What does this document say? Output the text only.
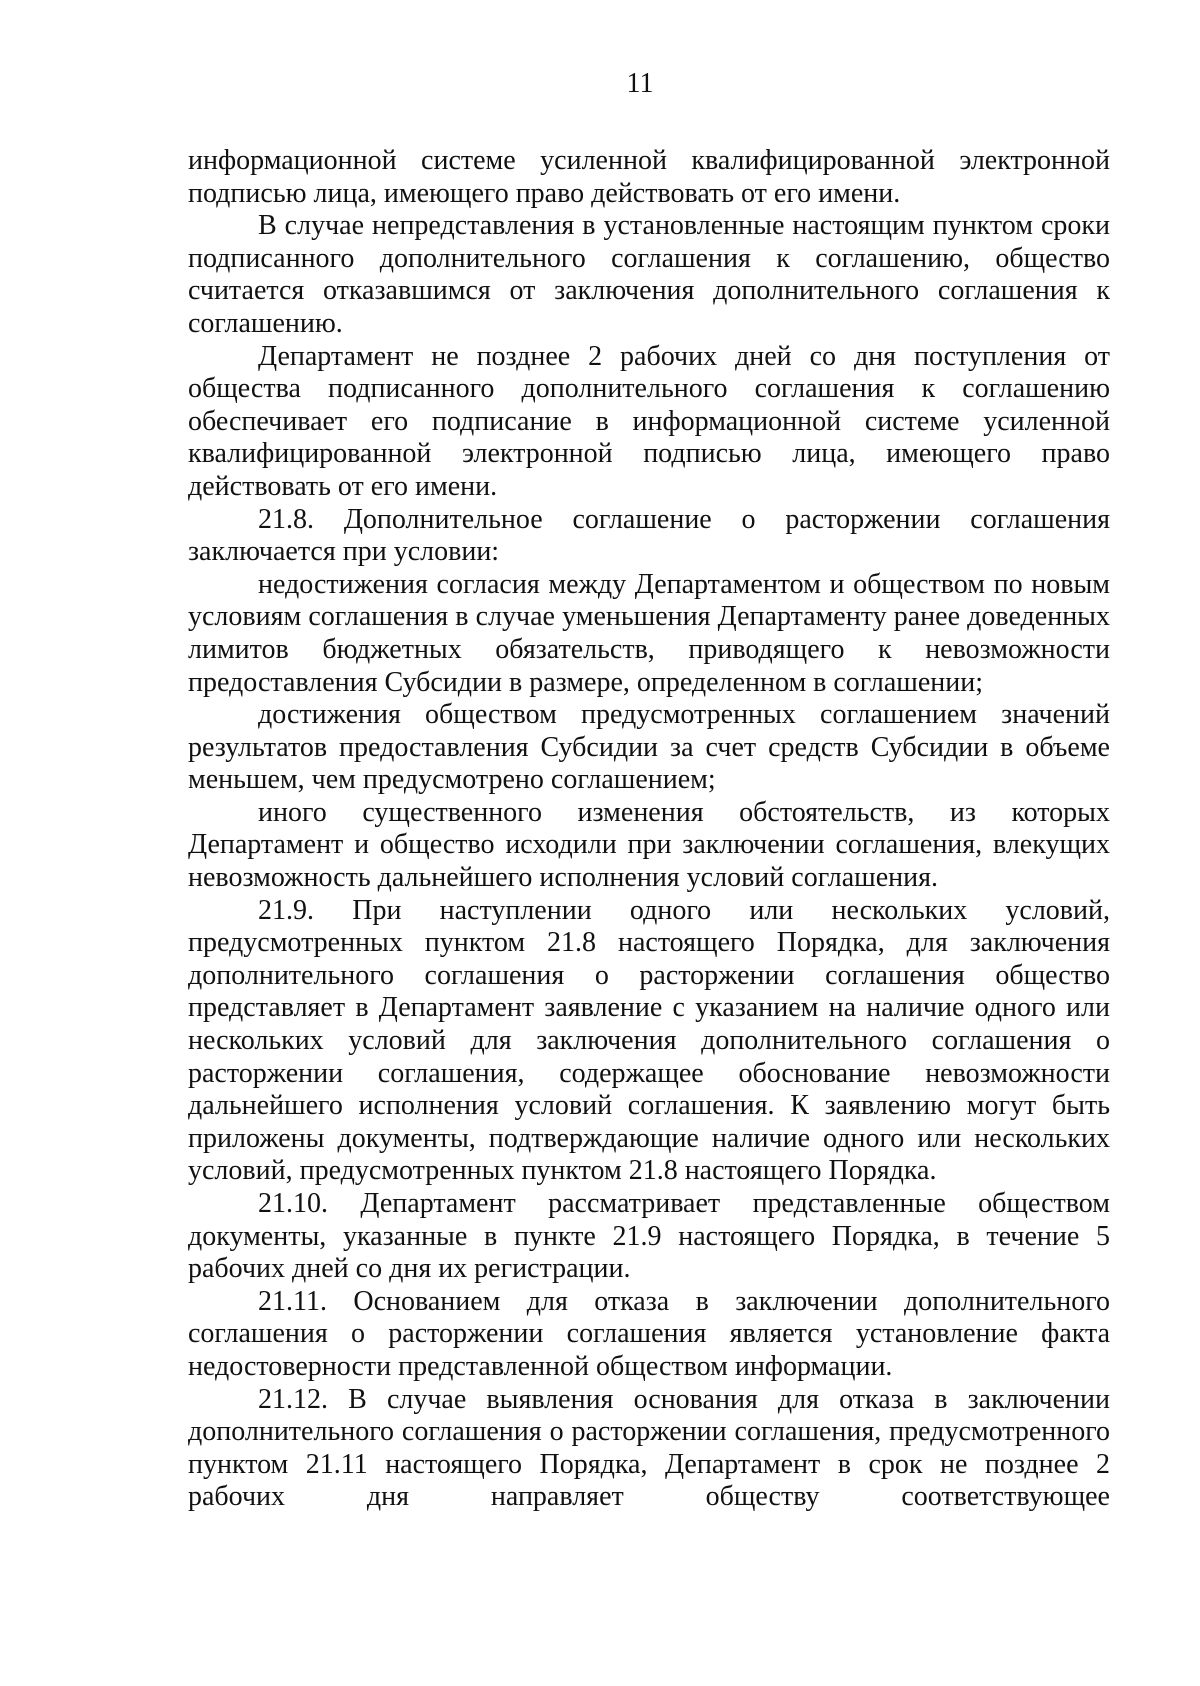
11

информационной системе усиленной квалифицированной электронной подписью лица, имеющего право действовать от его имени.

В случае непредставления в установленные настоящим пунктом сроки подписанного дополнительного соглашения к соглашению, общество считается отказавшимся от заключения дополнительного соглашения к соглашению.

Департамент не позднее 2 рабочих дней со дня поступления от общества подписанного дополнительного соглашения к соглашению обеспечивает его подписание в информационной системе усиленной квалифицированной электронной подписью лица, имеющего право действовать от его имени.

21.8. Дополнительное соглашение о расторжении соглашения заключается при условии:

недостижения согласия между Департаментом и обществом по новым условиям соглашения в случае уменьшения Департаменту ранее доведенных лимитов бюджетных обязательств, приводящего к невозможности предоставления Субсидии в размере, определенном в соглашении;

достижения обществом предусмотренных соглашением значений результатов предоставления Субсидии за счет средств Субсидии в объеме меньшем, чем предусмотрено соглашением;

иного существенного изменения обстоятельств, из которых Департамент и общество исходили при заключении соглашения, влекущих невозможность дальнейшего исполнения условий соглашения.

21.9. При наступлении одного или нескольких условий, предусмотренных пунктом 21.8 настоящего Порядка, для заключения дополнительного соглашения о расторжении соглашения общество представляет в Департамент заявление с указанием на наличие одного или нескольких условий для заключения дополнительного соглашения о расторжении соглашения, содержащее обоснование невозможности дальнейшего исполнения условий соглашения. К заявлению могут быть приложены документы, подтверждающие наличие одного или нескольких условий, предусмотренных пунктом 21.8 настоящего Порядка.

21.10. Департамент рассматривает представленные обществом документы, указанные в пункте 21.9 настоящего Порядка, в течение 5 рабочих дней со дня их регистрации.

21.11. Основанием для отказа в заключении дополнительного соглашения о расторжении соглашения является установление факта недостоверности представленной обществом информации.

21.12. В случае выявления основания для отказа в заключении дополнительного соглашения о расторжении соглашения, предусмотренного пунктом 21.11 настоящего Порядка, Департамент в срок не позднее 2 рабочих дня направляет обществу соответствующее
